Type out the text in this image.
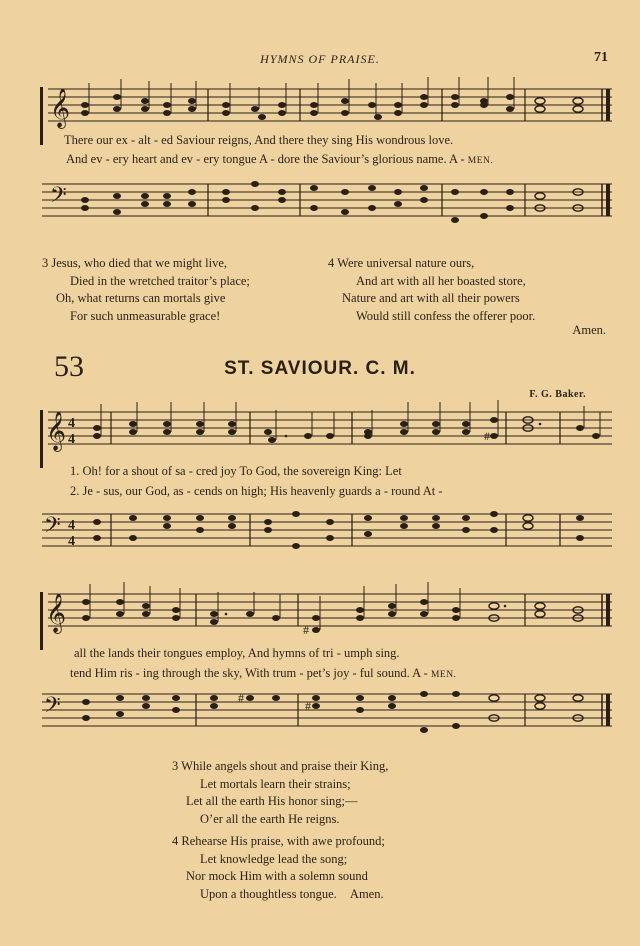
HYMNS OF PRAISE.	71
𝄞
There our ex - alt - ed Saviour reigns, And there they sing His wondrous love.
And ev - ery heart and ev - ery tongue A - dore the Saviour’s glorious name. A - MEN.
𝄢
3 Jesus, who died that we might live,
Died in the wretched traitor’s place;
Oh, what returns can mortals give
For such unmeasurable grace!
4 Were universal nature ours,
And art with all her boasted store,
Nature and art with all their powers
Would still confess the offerer poor.
Amen.
53	ST. SAVIOUR. C. M.
F. G. Baker.
𝄞 4
4	#
1. Oh! for a shout of sa - cred joy To God, the sovereign King: Let
2. Je - sus, our God, as - cends on high; His heavenly guards a - round At -
𝄢 4
4
𝄞	#
all the lands their tongues employ, And hymns of tri - umph sing.
tend Him ris - ing through the sky, With trum - pet’s joy - ful sound. A - MEN.
𝄢	#
#
3 While angels shout and praise their King,
Let mortals learn their strains;
Let all the earth His honor sing;—
O’er all the earth He reigns.
4 Rehearse His praise, with awe profound;
Let knowledge lead the song;
Nor mock Him with a solemn sound
Upon a thoughtless tongue. Amen.
